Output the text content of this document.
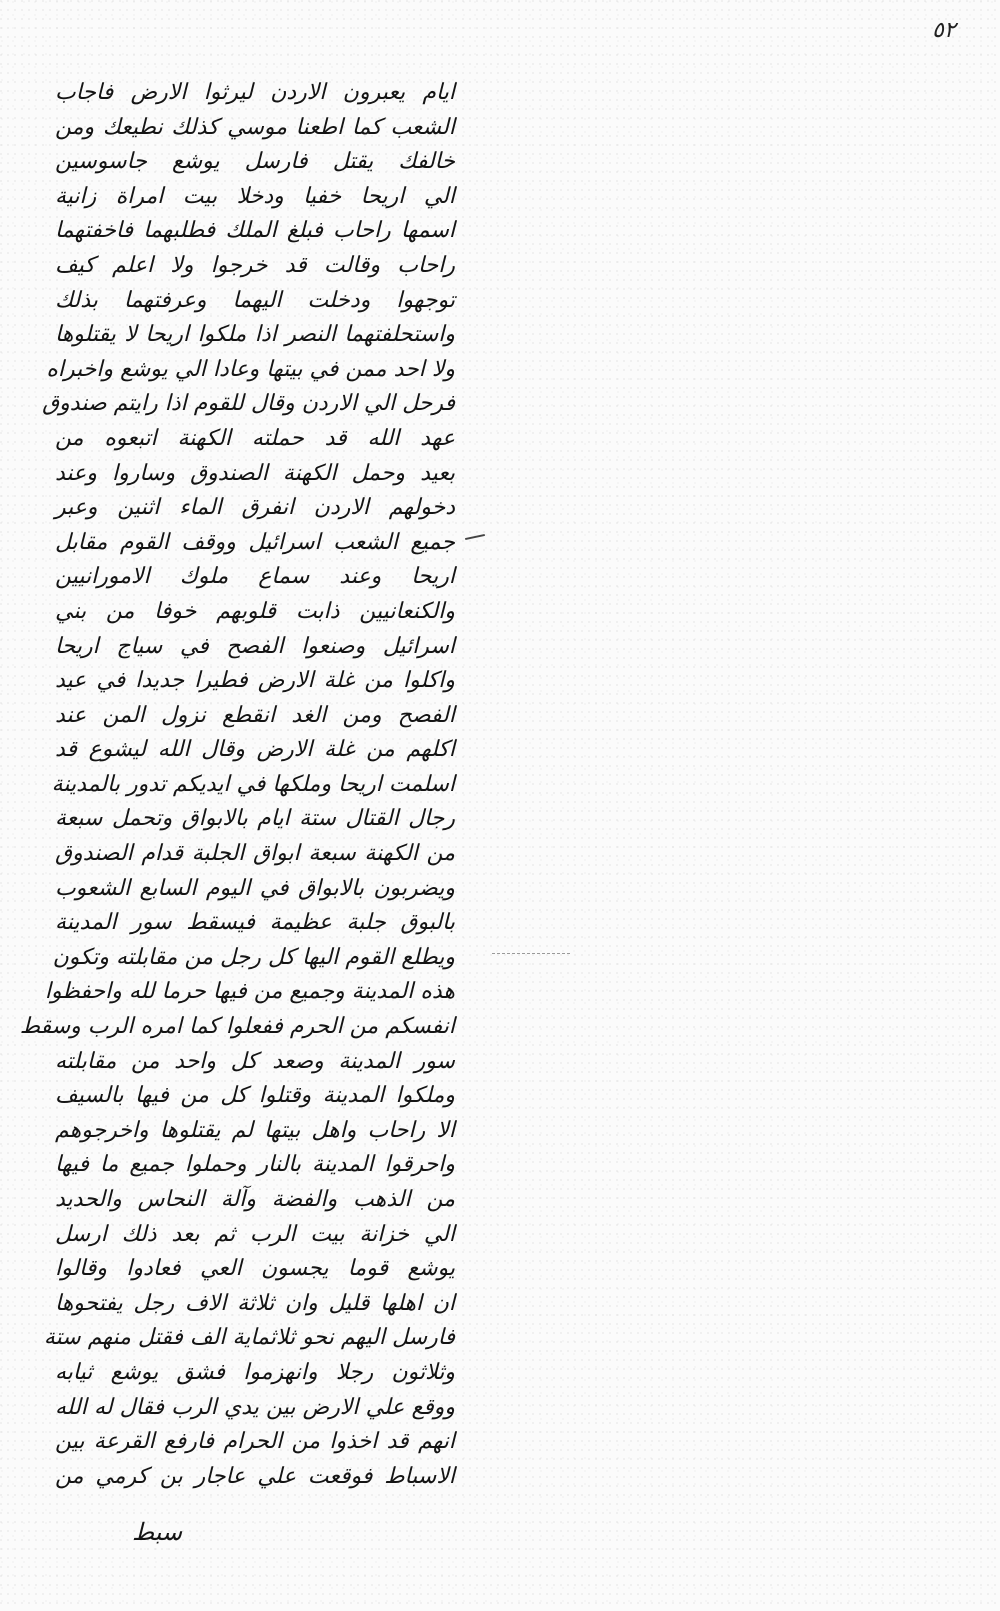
٥٢
ايام يعبرون الاردن ليرثوا الارض فاجاب
الشعب كما اطعنا موسي كذلك نطيعك ومن
خالفك يقتل فارسل يوشع جاسوسين
الي اريحا خفيا ودخلا بيت امراة زانية
اسمها راحاب فبلغ الملك فطلبهما فاخفتهما
راحاب وقالت قد خرجوا ولا اعلم كيف
توجهوا ودخلت اليهما وعرفتهما بذلك
واستحلفتهما النصر اذا ملكوا اريحا لا يقتلوها
ولا احد ممن في بيتها وعادا الي يوشع واخبراه
فرحل الي الاردن وقال للقوم اذا رايتم صندوق
عهد الله قد حملته الكهنة اتبعوه من
بعيد وحمل الكهنة الصندوق وساروا وعند
دخولهم الاردن انفرق الماء اثنين وعبر
جميع الشعب اسرائيل ووقف القوم مقابل
اريحا وعند سماع ملوك الامورانيين
والكنعانيين ذابت قلوبهم خوفا من بني
اسرائيل وصنعوا الفصح في سياج اريحا
واكلوا من غلة الارض فطيرا جديدا في عيد
الفصح ومن الغد انقطع نزول المن عند
اكلهم من غلة الارض وقال الله ليشوع قد
اسلمت اريحا وملكها في ايديكم تدور بالمدينة
رجال القتال ستة ايام بالابواق وتحمل سبعة
من الكهنة سبعة ابواق الجلبة قدام الصندوق
ويضربون بالابواق في اليوم السابع الشعوب
بالبوق جلبة عظيمة فيسقط سور المدينة
ويطلع القوم اليها كل رجل من مقابلته وتكون
هذه المدينة وجميع من فيها حرما لله واحفظوا
انفسكم من الحرم ففعلوا كما امره الرب وسقط
سور المدينة وصعد كل واحد من مقابلته
وملكوا المدينة وقتلوا كل من فيها بالسيف
الا راحاب واهل بيتها لم يقتلوها واخرجوهم
واحرقوا المدينة بالنار وحملوا جميع ما فيها
من الذهب والفضة وآلة النحاس والحديد
الي خزانة بيت الرب ثم بعد ذلك ارسل
يوشع قوما يجسون العي فعادوا وقالوا
ان اهلها قليل وان ثلاثة الاف رجل يفتحوها
فارسل اليهم نحو ثلاثماية الف فقتل منهم ستة
وثلاثون رجلا وانهزموا فشق يوشع ثيابه
ووقع علي الارض بين يدي الرب فقال له الله
انهم قد اخذوا من الحرام فارفع القرعة بين
الاسباط فوقعت علي عاجار بن كرمي من
سبط
